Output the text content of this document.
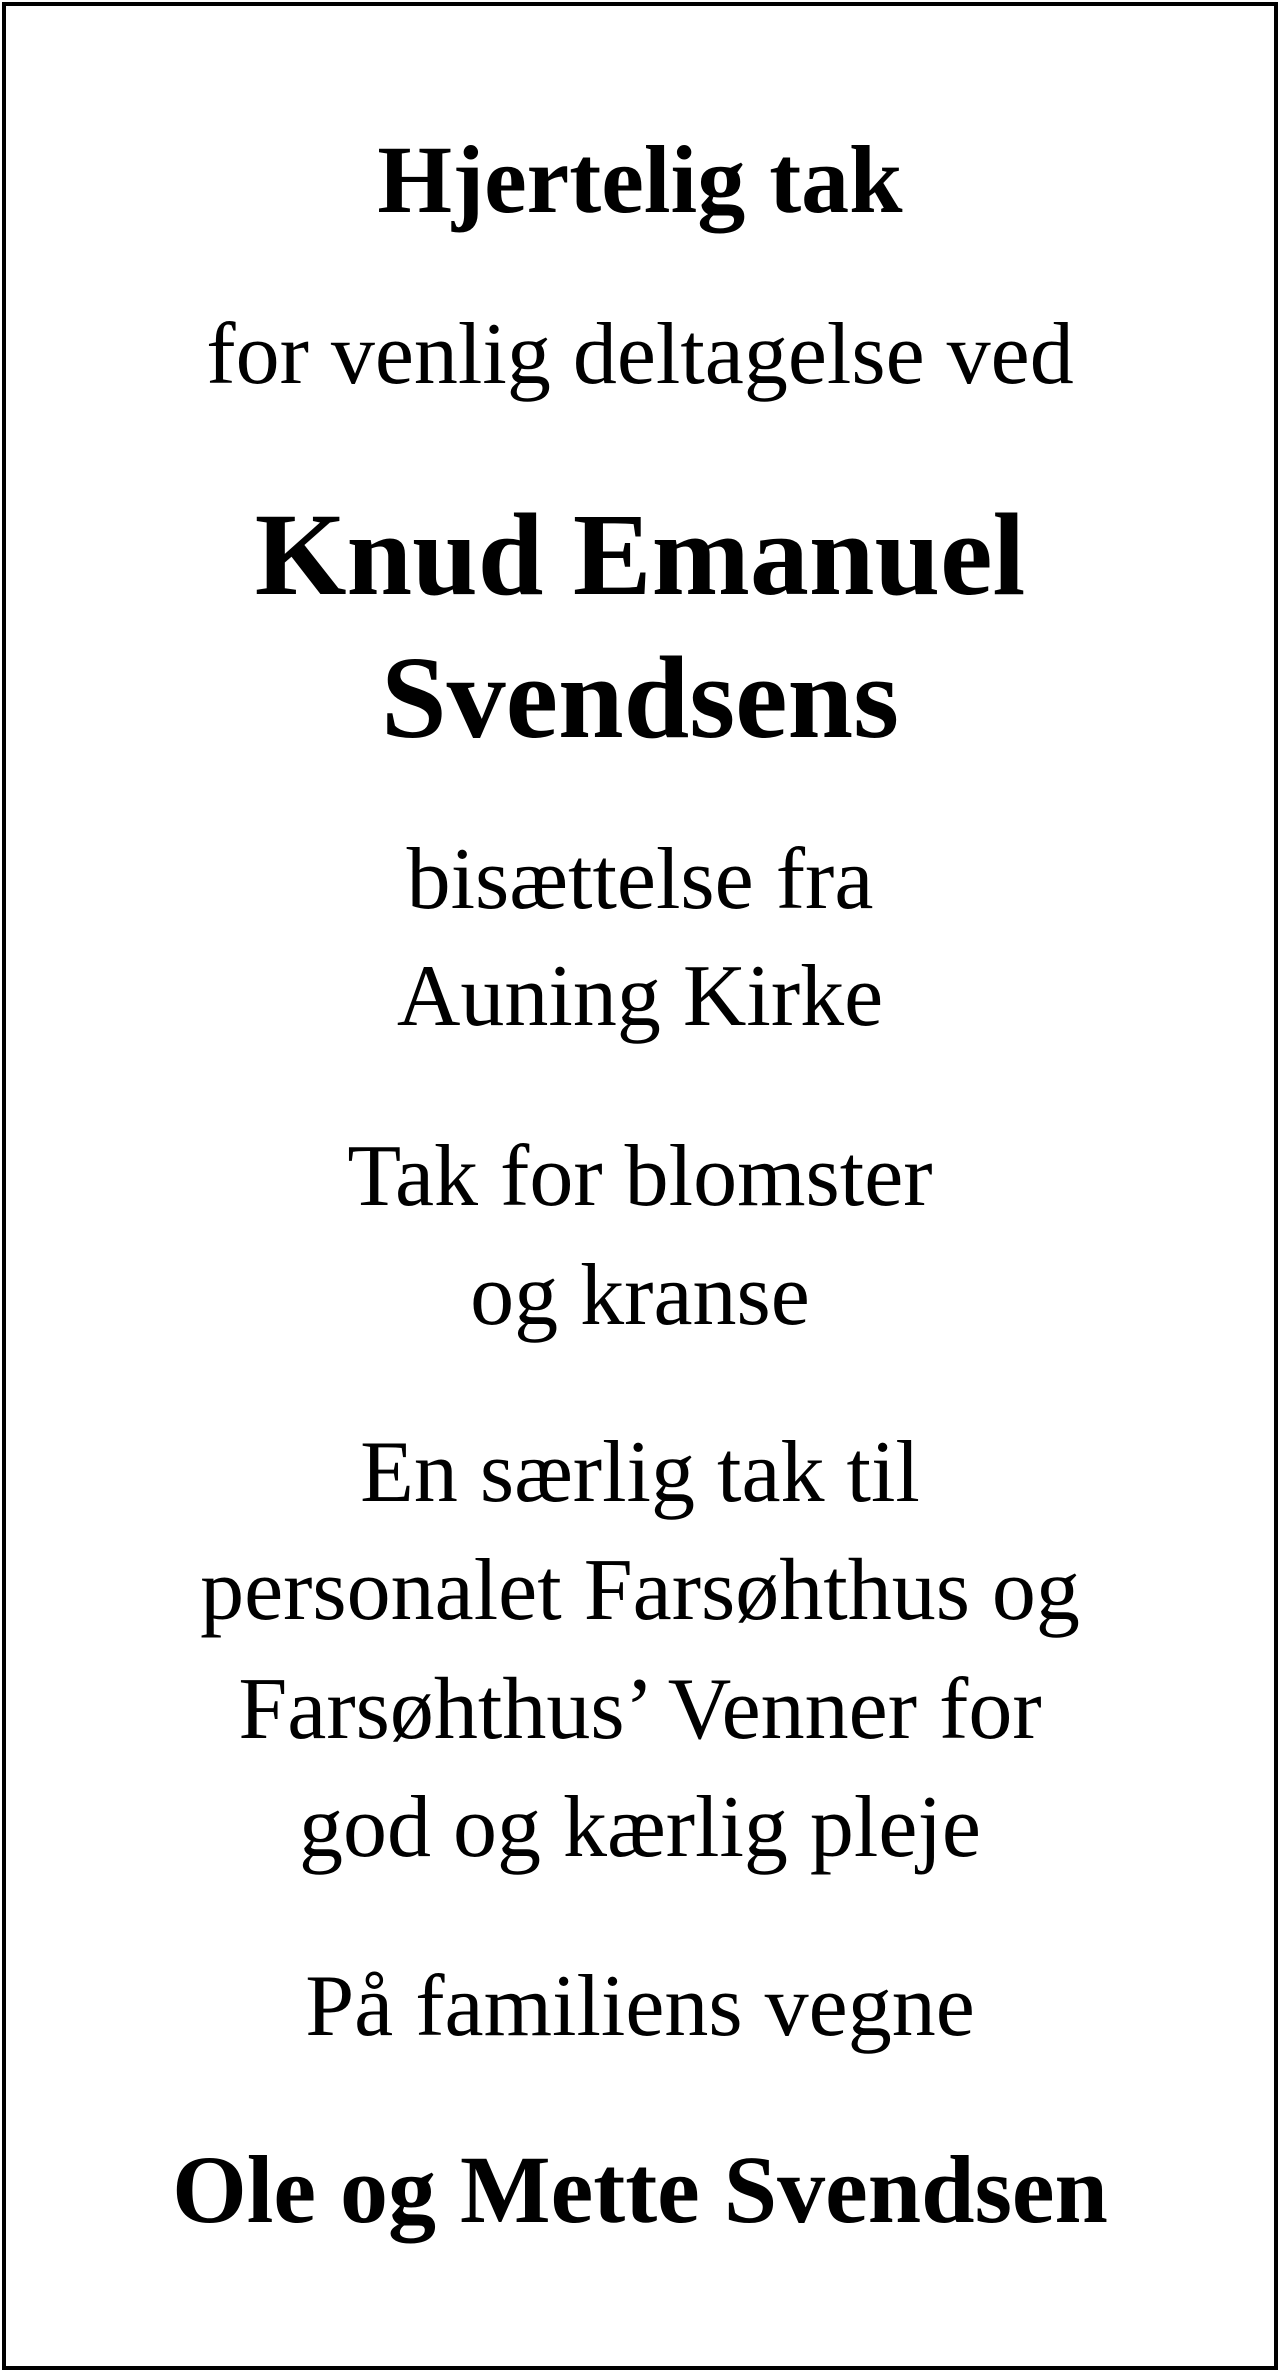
Hjertelig tak
for venlig deltagelse ved
Knud Emanuel
Svendsens
bisættelse fra
Auning Kirke
Tak for blomster
og kranse
En særlig tak til
personalet Farsøhthus og
Farsøhthus’ Venner for
god og kærlig pleje
På familiens vegne
Ole og Mette Svendsen
